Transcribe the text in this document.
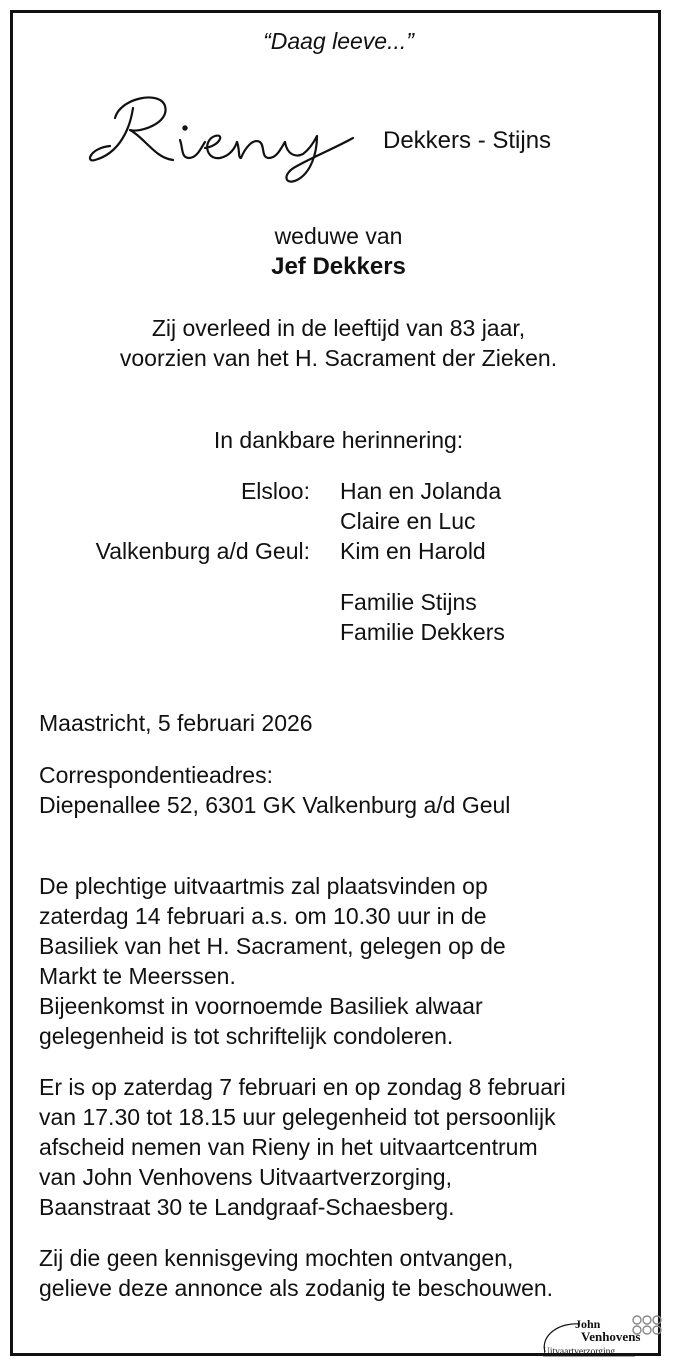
“Daag leeve...”
Dekkers - Stijns
weduwe van
Jef Dekkers
Zij overleed in de leeftijd van 83 jaar,
voorzien van het H. Sacrament der Zieken.
In dankbare herinnering:
Elsloo: Han en Jolanda
Claire en Luc
Valkenburg a/d Geul: Kim en Harold
Familie Stijns
Familie Dekkers
Maastricht, 5 februari 2026
Correspondentieadres:
Diepenallee 52, 6301 GK Valkenburg a/d Geul

De plechtige uitvaartmis zal plaatsvinden op

zaterdag 14 februari a.s. om 10.30 uur in de

Basiliek van het H. Sacrament, gelegen op de

Markt te Meerssen.

Bijeenkomst in voornoemde Basiliek alwaar

gelegenheid is tot schriftelijk condoleren.

Er is op zaterdag 7 februari en op zondag 8 februari

van 17.30 tot 18.15 uur gelegenheid tot persoonlijk

afscheid nemen van Rieny in het uitvaartcentrum

van John Venhovens Uitvaartverzorging,

Baanstraat 30 te Landgraaf-Schaesberg.

Zij die geen kennisgeving mochten ontvangen,

gelieve deze annonce als zodanig te beschouwen.

John
Venhovens
Uitvaartverzorging
